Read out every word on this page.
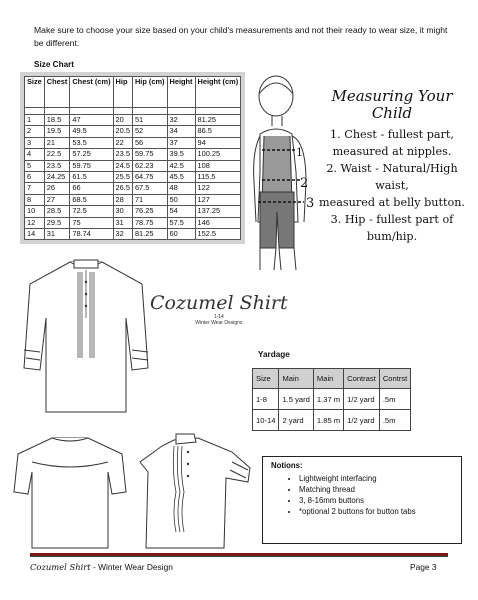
Make sure to choose your size based on your child's measurements and not their ready to wear size, it might be different.
Size Chart
Size	Chest	Chest (cm)	Hip	Hip (cm)	Height	Height (cm)

1	18.5	47	20	51	32	81.25
2	19.5	49.5	20.5	52	34	86.5
3	21	53.5	22	56	37	94
4	22.5	57.25	23.5	59.75	39.5	100.25
5	23.5	59.75	24.5	62.23	42.5	108
6	24.25	61.5	25.5	64.75	45.5	115.5
7	26	66	26.5	67.5	48	122
8	27	68.5	28	71	50	127
10	28.5	72.5	30	76.25	54	137.25
12	29.5	75	31	78.75	57.5	146
14	31	78.74	32	81.25	60	152.5
1
2
3
Measuring Your Child
1. Chest - fullest part,
measured at nipples.
2. Waist - Natural/High waist,
measured at belly button.
3. Hip - fullest part of bum/hip.
Cozumel Shirt
1-14
Winter Wear Designs
Yardage
Size	Main	Main	Contrast	Contrst
1-8	1.5 yard	1.37 m	1/2 yard	.5m
10-14	2 yard	1.85 m	1/2 yard	.5m
Notions:
• Lightweight interfacing
• Matching thread
• 3, 8-16mm buttons
• *optional 2 buttons for button tabs
Cozumel Shirt - Winter Wear Design	Page 3
